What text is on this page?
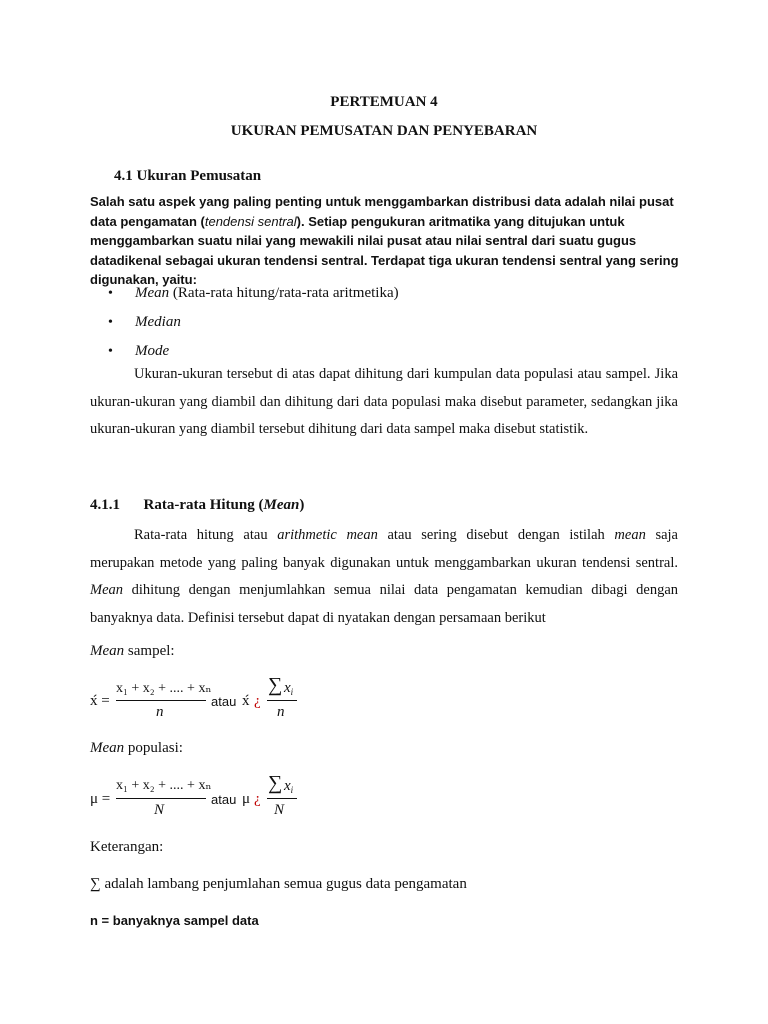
PERTEMUAN 4
UKURAN PEMUSATAN DAN PENYEBARAN
4.1 Ukuran Pemusatan
Salah satu aspek yang paling penting untuk menggambarkan distribusi data adalah nilai pusat data pengamatan (tendensi sentral). Setiap pengukuran aritmatika yang ditujukan untuk menggambarkan suatu nilai yang mewakili nilai pusat atau nilai sentral dari suatu gugus datadikenal sebagai ukuran tendensi sentral. Terdapat tiga ukuran tendensi sentral yang sering digunakan, yaitu:
•	Mean (Rata-rata hitung/rata-rata aritmetika)
•	Median
•	Mode
Ukuran-ukuran tersebut di atas dapat dihitung dari kumpulan data populasi atau sampel. Jika ukuran-ukuran yang diambil dan dihitung dari data populasi maka disebut parameter, sedangkan jika ukuran-ukuran yang diambil tersebut dihitung dari data sampel maka disebut statistik.
4.1.1 Rata-rata Hitung (Mean)
Rata-rata hitung atau arithmetic mean atau sering disebut dengan istilah mean saja merupakan metode yang paling banyak digunakan untuk menggambarkan ukuran tendensi sentral. Mean dihitung dengan menjumlahkan semua nilai data pengamatan kemudian dibagi dengan banyaknya data. Definisi tersebut dapat di nyatakan dengan persamaan berikut
Mean sampel:
x́ =
x₁ + x₂ + .... + xₙ
n
atau x́ ¿
∑ $x_i$
n
Mean populasi:
μ =
x₁ + x₂ + .... + xₙ
N
atau μ ¿
∑ $x_i$
N
Keterangan:
∑ adalah lambang penjumlahan semua gugus data pengamatan
n = banyaknya sampel data
